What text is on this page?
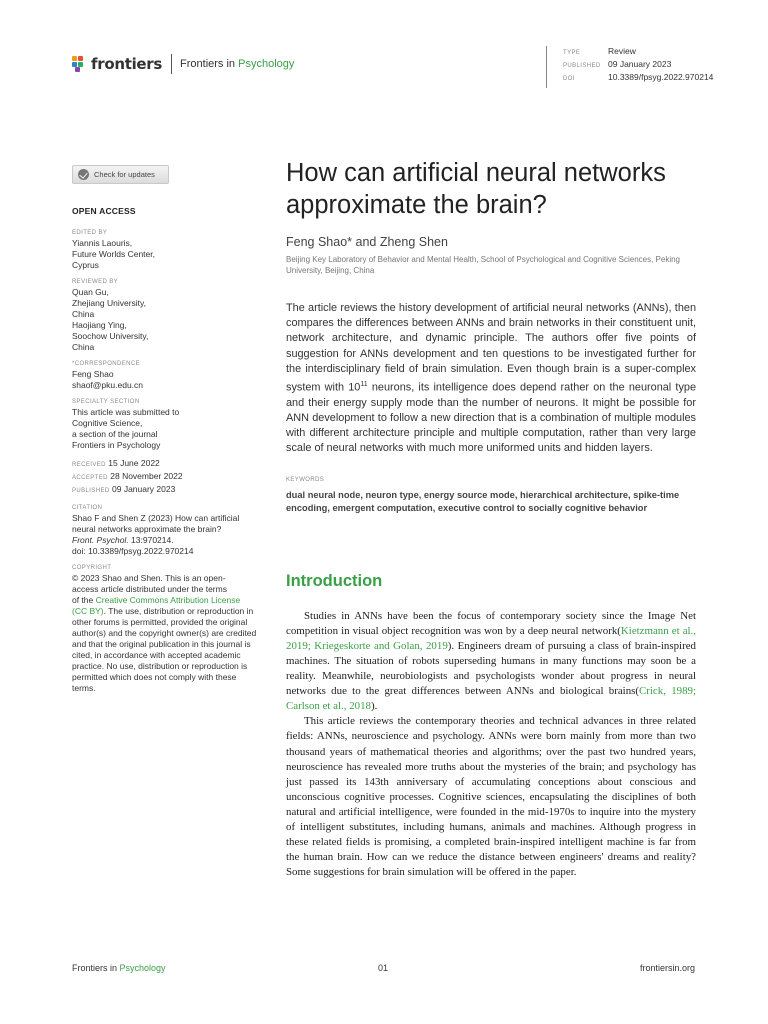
frontiers Frontiers in Psychology
TYPE	Review
PUBLISHED 09 January 2023
DOI	10.3389/fpsyg.2022.970214
Check for updates
OPEN ACCESS
EDITED BY
Yiannis Laouris,
Future Worlds Center,
Cyprus
REVIEWED BY
Quan Gu,
Zhejiang University,
China
Haojiang Ying,
Soochow University,
China
*CORRESPONDENCE
Feng Shao
shaof@pku.edu.cn
SPECIALTY SECTION
This article was submitted to
Cognitive Science,
a section of the journal
Frontiers in Psychology
RECEIVED 15 June 2022
ACCEPTED 28 November 2022
PUBLISHED 09 January 2023
CITATION
Shao F and Shen Z (2023) How can artificial
neural networks approximate the brain?
Front. Psychol. 13:970214.
doi: 10.3389/fpsyg.2022.970214
COPYRIGHT
© 2023 Shao and Shen. This is an open-
access article distributed under the terms
of the Creative Commons Attribution License (CC BY). The use, distribution or reproduction in other forums is permitted, provided the original author(s) and the copyright owner(s) are credited and that the original publication in this journal is cited, in accordance with accepted academic practice. No use, distribution or reproduction is permitted which does not comply with these terms.
How can artificial neural networks approximate the brain?
Feng Shao* and Zheng Shen
Beijing Key Laboratory of Behavior and Mental Health, School of Psychological and Cognitive Sciences, Peking University, Beijing, China

The article reviews the history development of artificial neural networks (ANNs), then compares the differences between ANNs and brain networks in their constituent unit, network architecture, and dynamic principle. The authors offer five points of suggestion for ANNs development and ten questions to be investigated further for the interdisciplinary field of brain simulation. Even though brain is a super-complex system with $10^{11}$ neurons, its intelligence does depend rather on the neuronal type and their energy supply mode than the number of neurons. It might be possible for ANN development to follow a new direction that is a combination of multiple modules with different architecture principle and multiple computation, rather than very large scale of neural networks with much more uniformed units and hidden layers.

KEYWORDS
dual neural node, neuron type, energy source mode, hierarchical architecture, spike-time encoding, emergent computation, executive control to socially cognitive behavior
Introduction

Studies in ANNs have been the focus of contemporary society since the Image Net competition in visual object recognition was won by a deep neural network(Kietzmann et al., 2019; Kriegeskorte and Golan, 2019). Engineers dream of pursuing a class of brain-inspired machines. The situation of robots superseding humans in many functions may soon be a reality. Meanwhile, neurobiologists and psychologists wonder about progress in neural networks due to the great differences between ANNs and biological brains(Crick, 1989; Carlson et al., 2018).

This article reviews the contemporary theories and technical advances in three related fields: ANNs, neuroscience and psychology. ANNs were born mainly from more than two thousand years of mathematical theories and algorithms; over the past two hundred years, neuroscience has revealed more truths about the mysteries of the brain; and psychology has just passed its 143th anniversary of accumulating conceptions about conscious and unconscious cognitive processes. Cognitive sciences, encapsulating the disciplines of both natural and artificial intelligence, were founded in the mid-1970s to inquire into the mystery of intelligent substitutes, including humans, animals and machines. Although progress in these related fields is promising, a completed brain-inspired intelligent machine is far from the human brain. How can we reduce the distance between engineers' dreams and reality? Some suggestions for brain simulation will be offered in the paper.

Frontiers in Psychology	01	frontiersin.org
